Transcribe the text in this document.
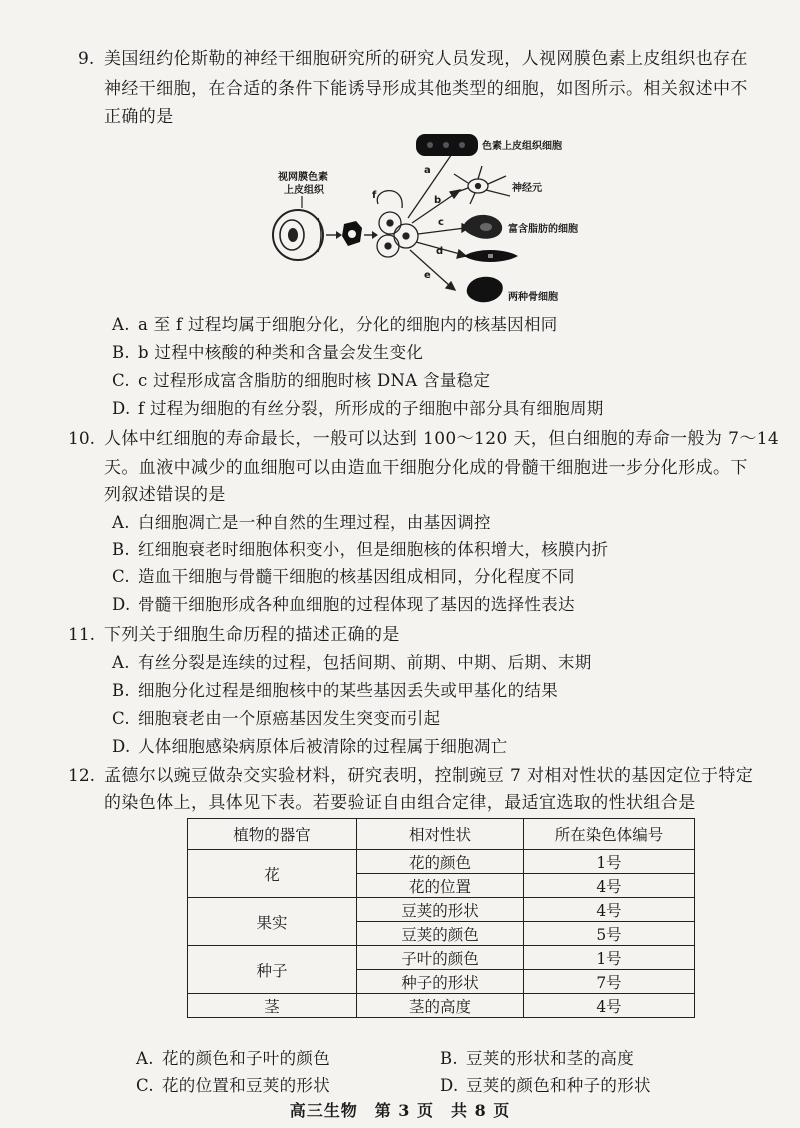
9. 美国纽约伦斯勒的神经干细胞研究所的研究人员发现，人视网膜色素上皮组织也存在
神经干细胞，在合适的条件下能诱导形成其他类型的细胞，如图所示。相关叙述中不
正确的是
视网膜色素
上皮组织	f
a
b
c
d
e
色素上皮组织细胞
神经元
富含脂肪的细胞
两种骨细胞
A. a 至 f 过程均属于细胞分化，分化的细胞内的核基因相同
B. b 过程中核酸的种类和含量会发生变化
C. c 过程形成富含脂肪的细胞时核 DNA 含量稳定
D. f 过程为细胞的有丝分裂，所形成的子细胞中部分具有细胞周期
10. 人体中红细胞的寿命最长，一般可以达到 100～120 天，但白细胞的寿命一般为 7～14
天。血液中减少的血细胞可以由造血干细胞分化成的骨髓干细胞进一步分化形成。下
列叙述错误的是
A. 白细胞凋亡是一种自然的生理过程，由基因调控
B. 红细胞衰老时细胞体积变小，但是细胞核的体积增大，核膜内折
C. 造血干细胞与骨髓干细胞的核基因组成相同，分化程度不同
D. 骨髓干细胞形成各种血细胞的过程体现了基因的选择性表达
11. 下列关于细胞生命历程的描述正确的是
A. 有丝分裂是连续的过程，包括间期、前期、中期、后期、末期
B. 细胞分化过程是细胞核中的某些基因丢失或甲基化的结果
C. 细胞衰老由一个原癌基因发生突变而引起
D. 人体细胞感染病原体后被清除的过程属于细胞凋亡
12. 孟德尔以豌豆做杂交实验材料，研究表明，控制豌豆 7 对相对性状的基因定位于特定
的染色体上，具体见下表。若要验证自由组合定律，最适宜选取的性状组合是
植物的器官	相对性状	所在染色体编号
花	花的颜色	1号
	花的位置	4号
果实	豆荚的形状	4号
	豆荚的颜色	5号
种子	子叶的颜色	1号
	种子的形状	7号
茎	茎的高度	4号
A. 花的颜色和子叶的颜色	B. 豆荚的形状和茎的高度
C. 花的位置和豆荚的形状	D. 豆荚的颜色和种子的形状
高三生物　第 3 页　共 8 页
